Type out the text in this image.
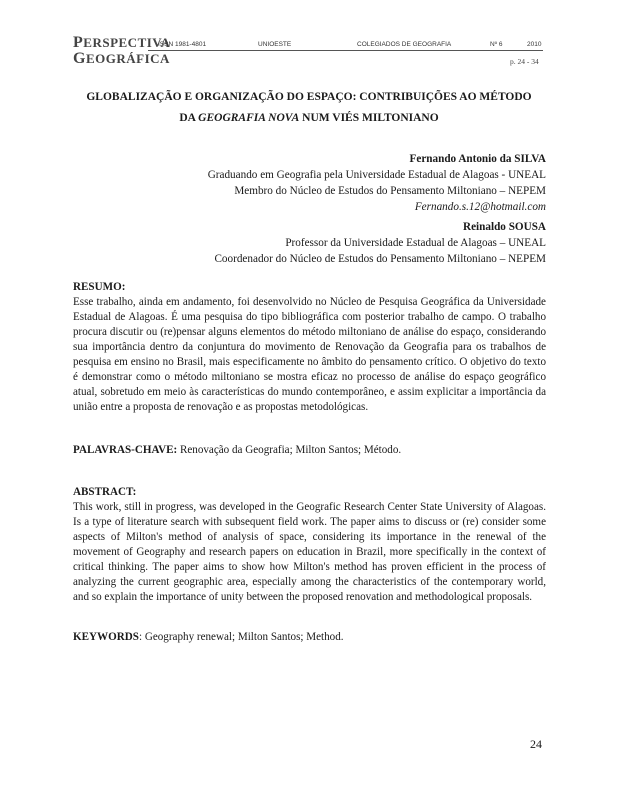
PERSPECTIVA
GEOGRÁFICA
ISSN 1981-4801	UNIOESTE	COLEGIADOS DE GEOGRAFIA	Nº 6	2010
p. 24 - 34
GLOBALIZAÇÃO E ORGANIZAÇÃO DO ESPAÇO: CONTRIBUIÇÕES AO MÉTODO
DA GEOGRAFIA NOVA NUM VIÉS MILTONIANO
Fernando Antonio da SILVA
Graduando em Geografia pela Universidade Estadual de Alagoas - UNEAL
Membro do Núcleo de Estudos do Pensamento Miltoniano – NEPEM
Fernando.s.12@hotmail.com
Reinaldo SOUSA
Professor da Universidade Estadual de Alagoas – UNEAL
Coordenador do Núcleo de Estudos do Pensamento Miltoniano – NEPEM
RESUMO:
Esse trabalho, ainda em andamento, foi desenvolvido no Núcleo de Pesquisa Geográfica da Universidade Estadual de Alagoas. É uma pesquisa do tipo bibliográfica com posterior trabalho de campo. O trabalho procura discutir ou (re)pensar alguns elementos do método miltoniano de análise do espaço, considerando sua importância dentro da conjuntura do movimento de Renovação da Geografia para os trabalhos de pesquisa em ensino no Brasil, mais especificamente no âmbito do pensamento crítico. O objetivo do texto é demonstrar como o método miltoniano se mostra eficaz no processo de análise do espaço geográfico atual, sobretudo em meio às características do mundo contemporâneo, e assim explicitar a importância da união entre a proposta de renovação e as propostas metodológicas.
PALAVRAS-CHAVE: Renovação da Geografia; Milton Santos; Método.
ABSTRACT:
This work, still in progress, was developed in the Geografic Research Center State University of Alagoas. Is a type of literature search with subsequent field work. The paper aims to discuss or (re) consider some aspects of Milton's method of analysis of space, considering its importance in the renewal of the movement of Geography and research papers on education in Brazil, more specifically in the context of critical thinking. The paper aims to show how Milton's method has proven efficient in the process of analyzing the current geographic area, especially among the characteristics of the contemporary world, and so explain the importance of unity between the proposed renovation and methodological proposals.
KEYWORDS: Geography renewal; Milton Santos; Method.
24
